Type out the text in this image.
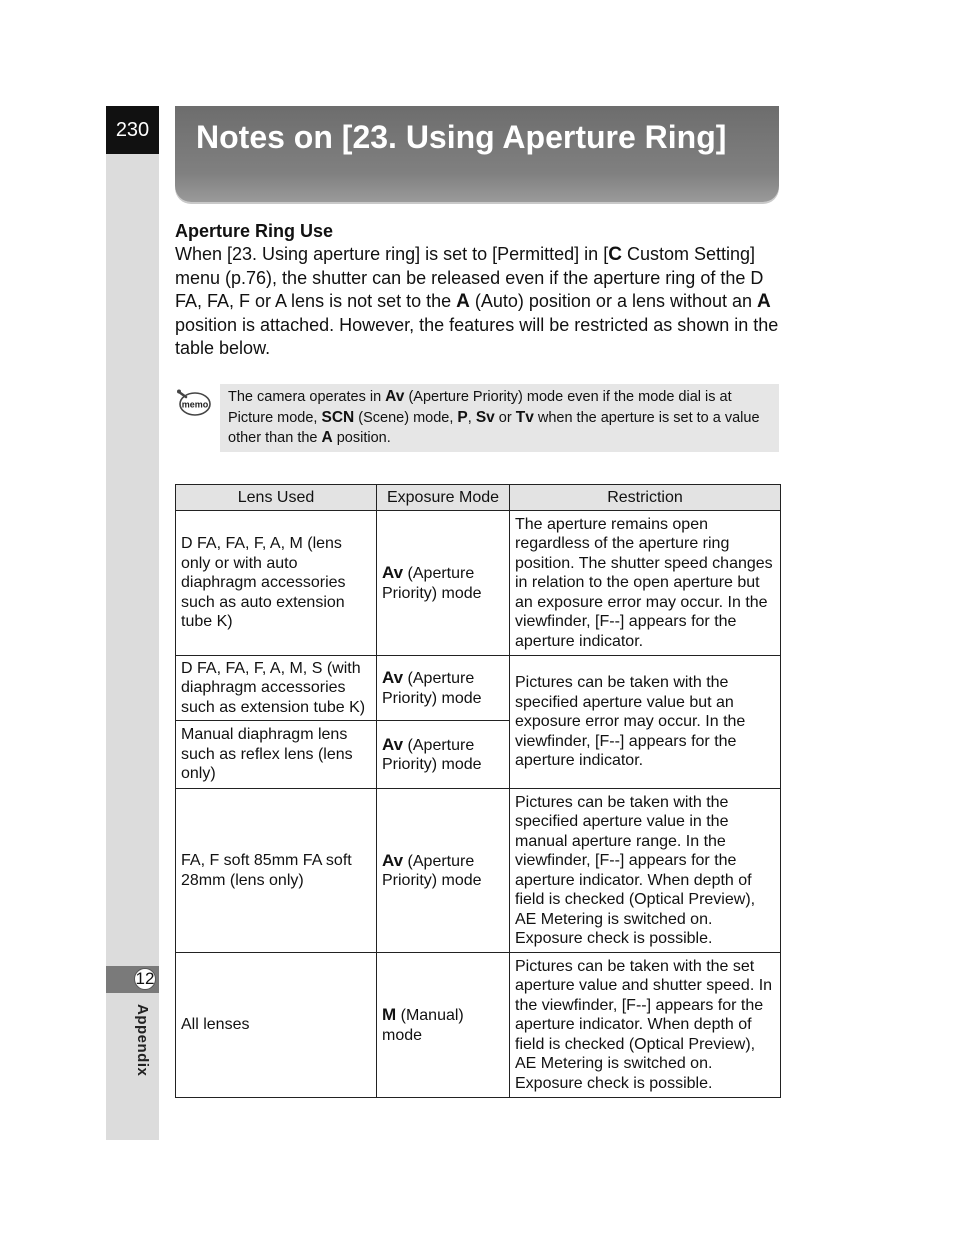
230
12
Appendix
Notes on [23. Using Aperture Ring]
Aperture Ring Use

When [23. Using aperture ring] is set to [Permitted] in [C Custom Setting] menu (p.76), the shutter can be released even if the aperture ring of the D FA, FA, F or A lens is not set to the A (Auto) position or a lens without an A position is attached. However, the features will be restricted as shown in the table below.

memo	The camera operates in Av (Aperture Priority) mode even if the mode dial is at Picture mode, SCN (Scene) mode, P, Sv or Tv when the aperture is set to a value other than the A position.
Lens Used	Exposure Mode	Restriction
D FA, FA, F, A, M (lens only or with auto diaphragm accessories such as auto extension tube K)	Av (Aperture Priority) mode	The aperture remains open regardless of the aperture ring position. The shutter speed changes in relation to the open aperture but an exposure error may occur. In the viewfinder, [F--] appears for the aperture indicator.
D FA, FA, F, A, M, S (with diaphragm accessories such as extension tube K)	Av (Aperture Priority) mode	Pictures can be taken with the specified aperture value but an exposure error may occur. In the viewfinder, [F--] appears for the aperture indicator.
Manual diaphragm lens such as reflex lens (lens only)	Av (Aperture Priority) mode	
FA, F soft 85mm FA soft 28mm (lens only)	Av (Aperture Priority) mode	Pictures can be taken with the specified aperture value in the manual aperture range. In the viewfinder, [F--] appears for the aperture indicator. When depth of field is checked (Optical Preview), AE Metering is switched on. Exposure check is possible.
All lenses	M (Manual) mode	Pictures can be taken with the set aperture value and shutter speed. In the viewfinder, [F--] appears for the aperture indicator. When depth of field is checked (Optical Preview), AE Metering is switched on. Exposure check is possible.
